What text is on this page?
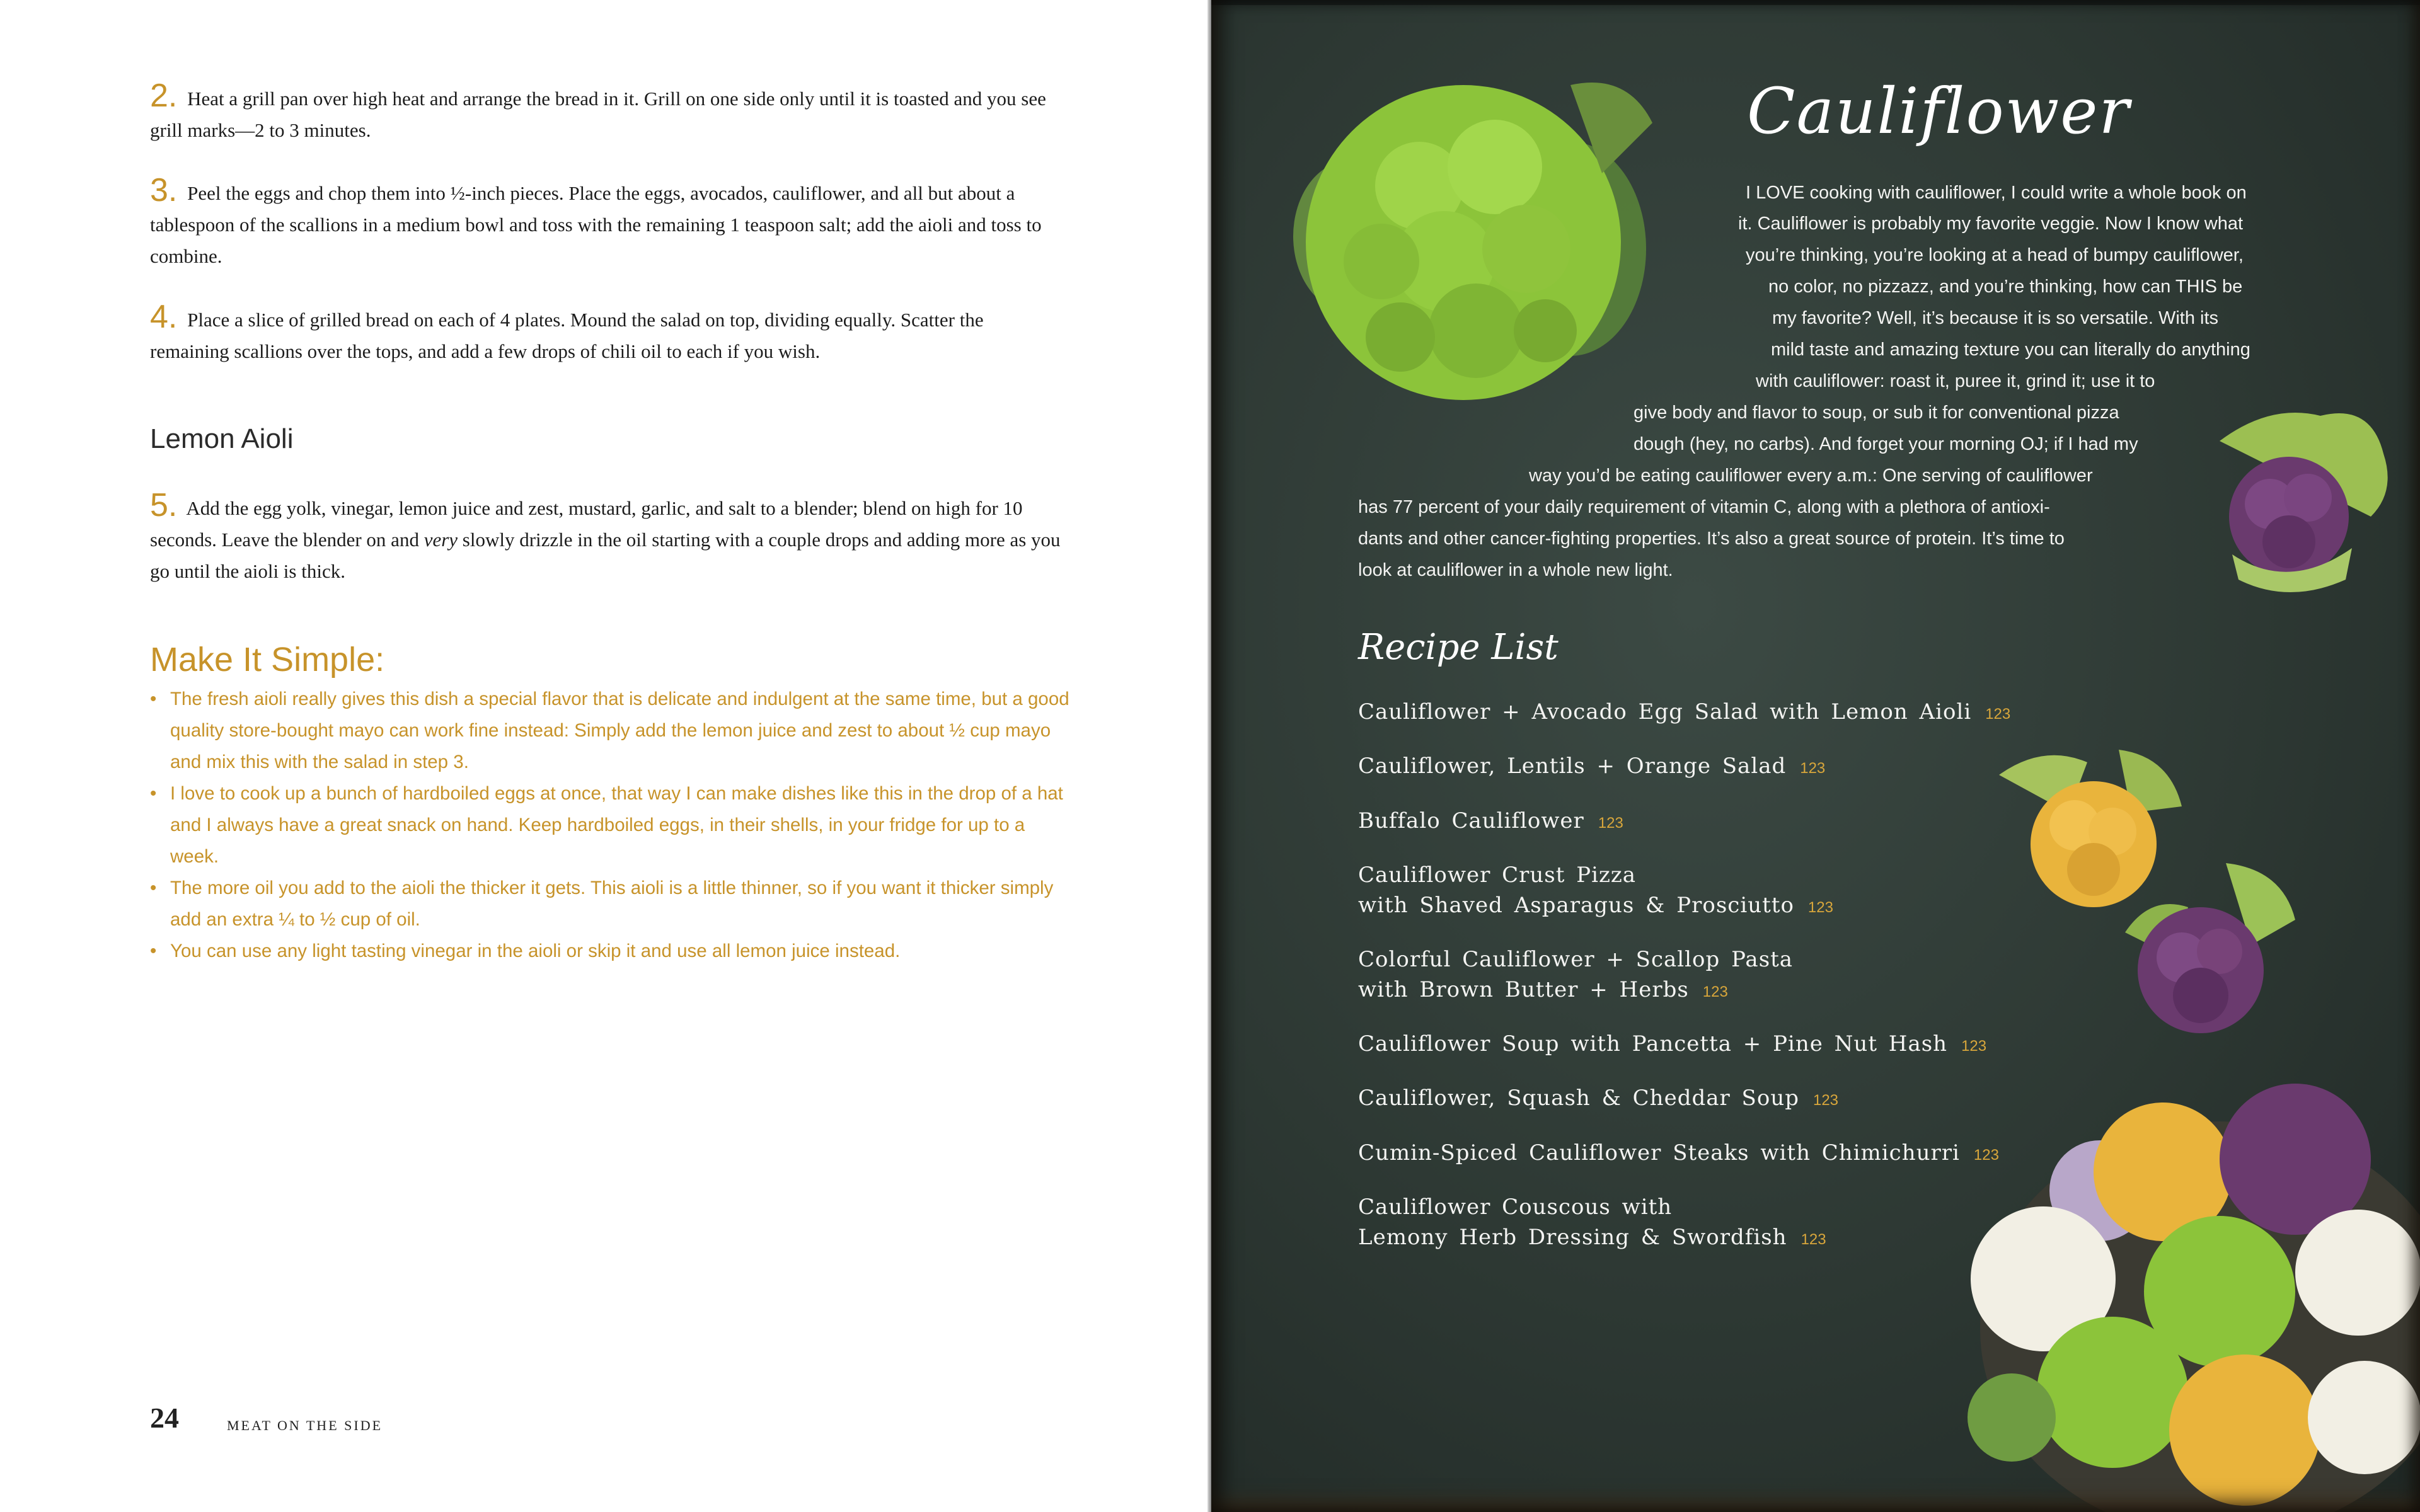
2. Heat a grill pan over high heat and arrange the bread in it. Grill on one side only until it is toasted and you see grill marks—2 to 3 minutes.

3. Peel the eggs and chop them into ½-inch pieces. Place the eggs, avocados, cauliflower, and all but about a tablespoon of the scallions in a medium bowl and toss with the remaining 1 teaspoon salt; add the aioli and toss to combine.

4. Place a slice of grilled bread on each of 4 plates. Mound the salad on top, dividing equally. Scatter the remaining scallions over the tops, and add a few drops of chili oil to each if you wish.

Lemon Aioli

5. Add the egg yolk, vinegar, lemon juice and zest, mustard, garlic, and salt to a blender; blend on high for 10 seconds. Leave the blender on and very slowly drizzle in the oil starting with a couple drops and adding more as you go until the aioli is thick.

Make It Simple:
• The fresh aioli really gives this dish a special flavor that is delicate and indulgent at the same time, but a good quality store-bought mayo can work fine instead: Simply add the lemon juice and zest to about ½ cup mayo and mix this with the salad in step 3.
• I love to cook up a bunch of hardboiled eggs at once, that way I can make dishes like this in the drop of a hat and I always have a great snack on hand. Keep hardboiled eggs, in their shells, in your fridge for up to a week.
• The more oil you add to the aioli the thicker it gets. This aioli is a little thinner, so if you want it thicker simply add an extra ¼ to ½ cup of oil.
• You can use any light tasting vinegar in the aioli or skip it and use all lemon juice instead.
24	MEAT ON THE SIDE
Cauliflower
I LOVE cooking with cauliflower, I could write a whole book on
it. Cauliflower is probably my favorite veggie. Now I know what
you’re thinking, you’re looking at a head of bumpy cauliflower,
no color, no pizzazz, and you’re thinking, how can THIS be
my favorite? Well, it’s because it is so versatile. With its
mild taste and amazing texture you can literally do anything
with cauliflower: roast it, puree it, grind it; use it to
give body and flavor to soup, or sub it for conventional pizza
dough (hey, no carbs). And forget your morning OJ; if I had my
way you’d be eating cauliflower every a.m.: One serving of cauliflower
has 77 percent of your daily requirement of vitamin C, along with a plethora of antioxi-
dants and other cancer-fighting properties. It’s also a great source of protein. It’s time to
look at cauliflower in a whole new light.
Recipe List
Cauliflower + Avocado Egg Salad with Lemon Aioli 123
Cauliflower, Lentils + Orange Salad 123
Buffalo Cauliflower 123
Cauliflower Crust Pizza
with Shaved Asparagus & Prosciutto 123
Colorful Cauliflower + Scallop Pasta
with Brown Butter + Herbs 123
Cauliflower Soup with Pancetta + Pine Nut Hash 123
Cauliflower, Squash & Cheddar Soup 123
Cumin-Spiced Cauliflower Steaks with Chimichurri 123
Cauliflower Couscous with
Lemony Herb Dressing & Swordfish 123
